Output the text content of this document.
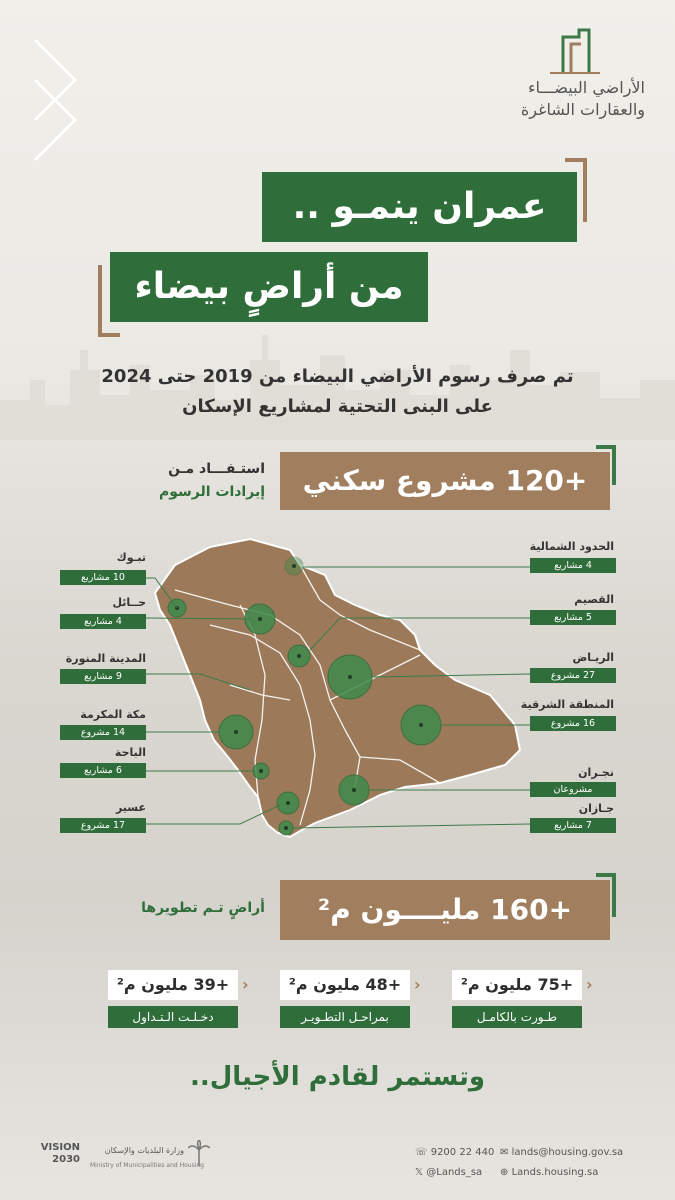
الأراضي البيضـــاء
والعقارات الشاغرة
عمران ينمـو ..
من أراضٍ بيضاء
تم صرف رسوم الأراضي البيضاء من 2019 حتى 2024
على البنى التحتية لمشاريع الإسكان
+120 مشروع سكني
استـفـــاد مـن
إيرادات الرسوم
تبـوك
10 مشاريع
حــائل
4 مشاريع
المدينة المنورة
9 مشاريع
مكة المكرمة
14 مشروع
الباحة
6 مشاريع
عسير
17 مشروع
الحدود الشمالية
4 مشاريع
القصيم
5 مشاريع
الريـاض
27 مشروع
المنطقة الشرقية
16 مشروع
نجـران
مشروعان
جـازان
7 مشاريع
+160 مليــــون م²
أراضٍ تـم تطويرها
+75 مليون م²
طـورت بالكامـل
‹
+48 مليون م²
بمراحـل التطـويـر
‹
+39 مليون م²
دخـلـت الـتـداول
‹
وتستمر لقادم الأجيال..
VISION 2030
وزارة البلديات والإسكان
Ministry of Municipalities and Housing
✉ lands@housing.gov.sa
☏ 9200 22 440
⊕ Lands.housing.sa
𝕏 @Lands_sa
